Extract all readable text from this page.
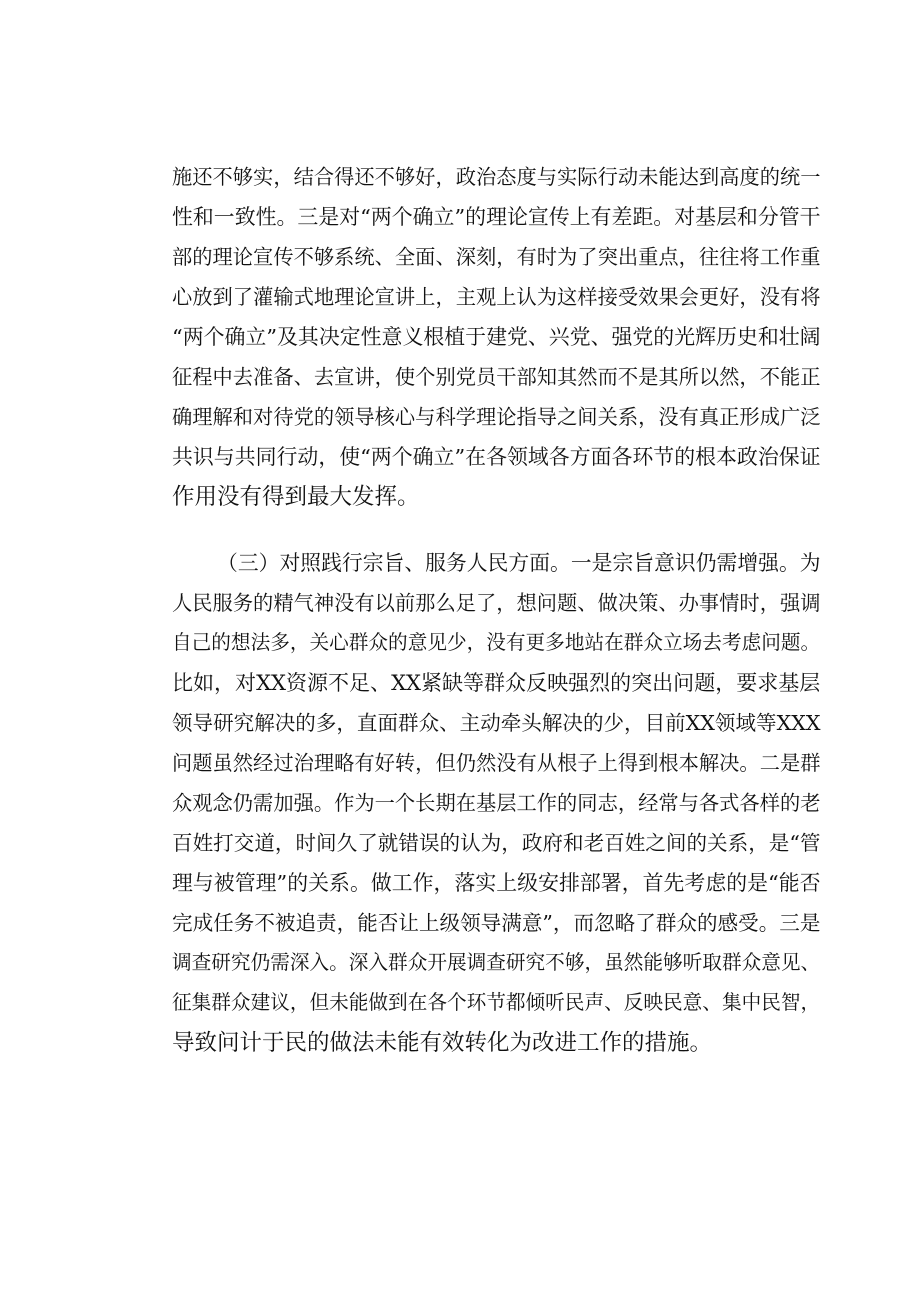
施还不够实，结合得还不够好，政治态度与实际行动未能达到高度的统一
性和一致性。三是对“两个确立”的理论宣传上有差距。对基层和分管干
部的理论宣传不够系统、全面、深刻，有时为了突出重点，往往将工作重
心放到了灌输式地理论宣讲上，主观上认为这样接受效果会更好，没有将
“两个确立”及其决定性意义根植于建党、兴党、强党的光辉历史和壮阔
征程中去准备、去宣讲，使个别党员干部知其然而不是其所以然，不能正
确理解和对待党的领导核心与科学理论指导之间关系，没有真正形成广泛
共识与共同行动，使“两个确立”在各领域各方面各环节的根本政治保证
作用没有得到最大发挥。
（三）对照践行宗旨、服务人民方面。一是宗旨意识仍需增强。为
人民服务的精气神没有以前那么足了，想问题、做决策、办事情时，强调
自己的想法多，关心群众的意见少，没有更多地站在群众立场去考虑问题。
比如，对XX资源不足、XX紧缺等群众反映强烈的突出问题，要求基层
领导研究解决的多，直面群众、主动牵头解决的少，目前XX领域等XXX
问题虽然经过治理略有好转，但仍然没有从根子上得到根本解决。二是群
众观念仍需加强。作为一个长期在基层工作的同志，经常与各式各样的老
百姓打交道，时间久了就错误的认为，政府和老百姓之间的关系，是“管
理与被管理”的关系。做工作，落实上级安排部署，首先考虑的是“能否
完成任务不被追责，能否让上级领导满意”，而忽略了群众的感受。三是
调查研究仍需深入。深入群众开展调查研究不够，虽然能够听取群众意见、
征集群众建议，但未能做到在各个环节都倾听民声、反映民意、集中民智，
导致问计于民的做法未能有效转化为改进工作的措施。
